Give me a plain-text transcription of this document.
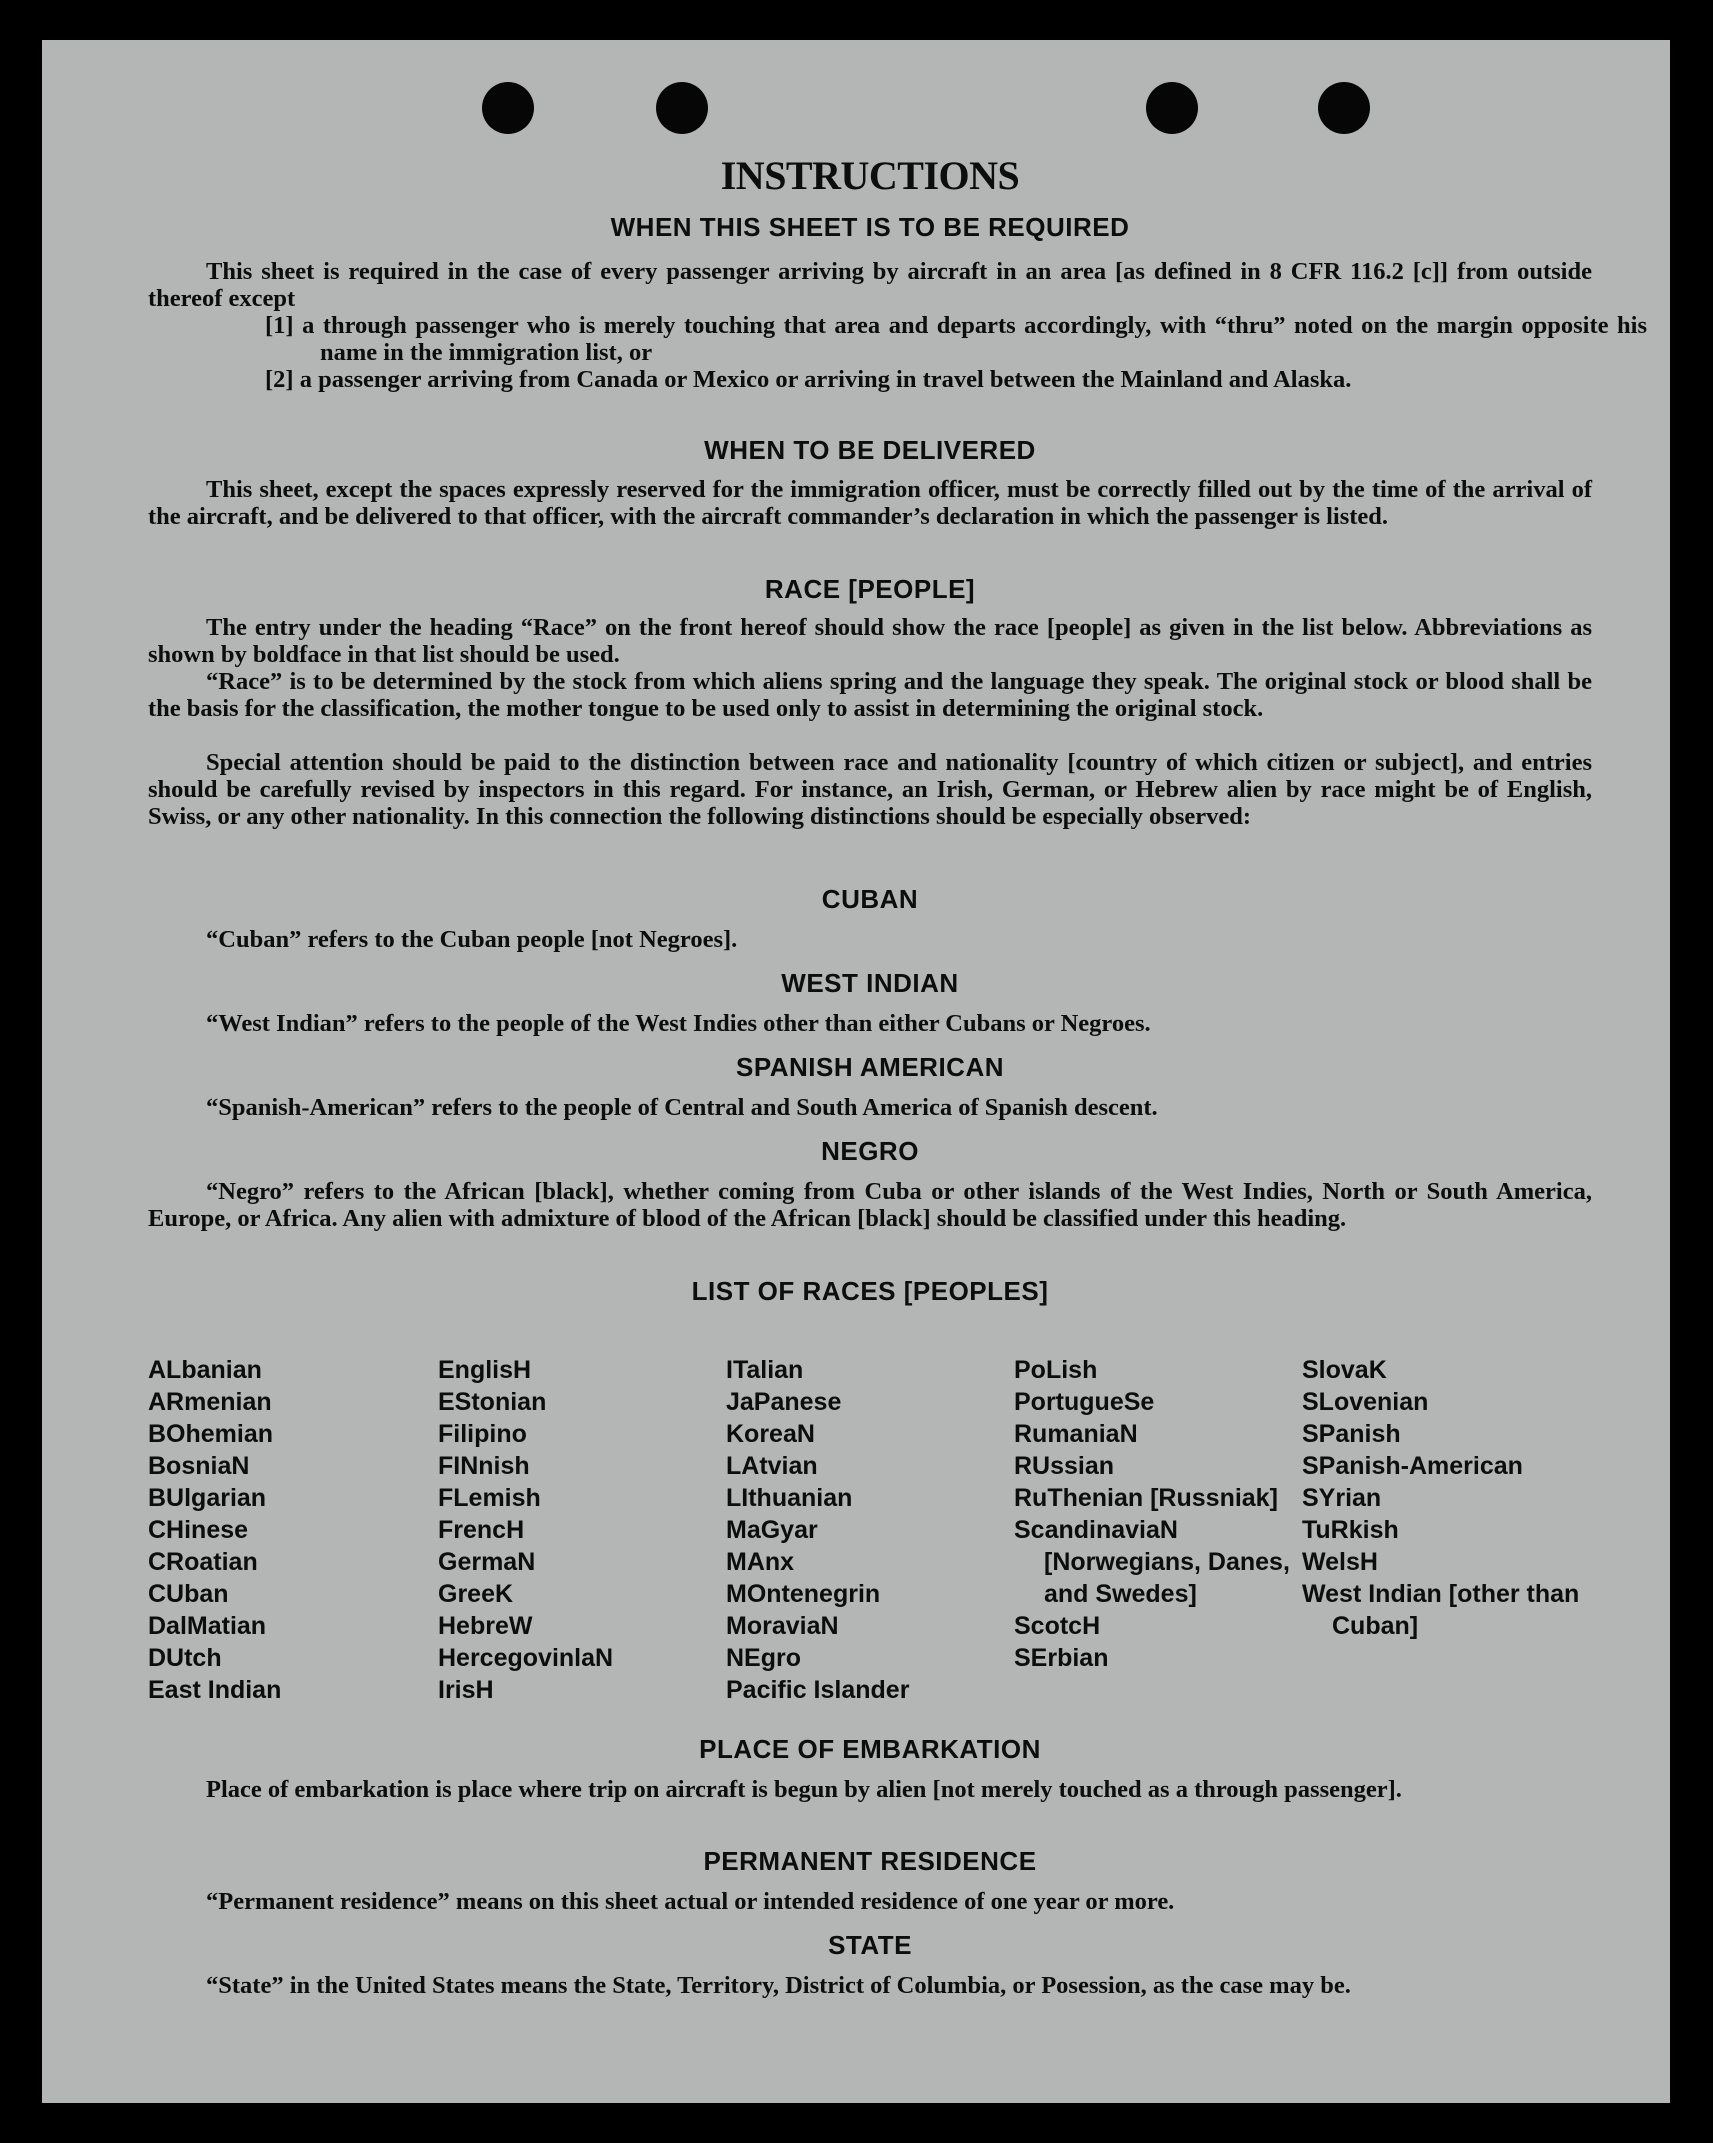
INSTRUCTIONS
WHEN THIS SHEET IS TO BE REQUIRED

This sheet is required in the case of every passenger arriving by aircraft in an area [as defined in 8 CFR 116.2 [c]] from outside thereof except

[1] a through passenger who is merely touching that area and departs accordingly, with “thru” noted on the margin opposite his name in the immigration list, or

[2] a passenger arriving from Canada or Mexico or arriving in travel between the Mainland and Alaska.

WHEN TO BE DELIVERED

This sheet, except the spaces expressly reserved for the immigration officer, must be correctly filled out by the time of the arrival of the aircraft, and be delivered to that officer, with the aircraft commander’s declaration in which the passenger is listed.

RACE [PEOPLE]

The entry under the heading “Race” on the front hereof should show the race [people] as given in the list below. Abbreviations as shown by boldface in that list should be used.

“Race” is to be determined by the stock from which aliens spring and the language they speak. The original stock or blood shall be the basis for the classification, the mother tongue to be used only to assist in determining the original stock.

Special attention should be paid to the distinction between race and nationality [country of which citizen or subject], and entries should be carefully revised by inspectors in this regard. For instance, an Irish, German, or Hebrew alien by race might be of English, Swiss, or any other nationality. In this connection the following distinctions should be especially observed:

CUBAN

“Cuban” refers to the Cuban people [not Negroes].

WEST INDIAN

“West Indian” refers to the people of the West Indies other than either Cubans or Negroes.

SPANISH AMERICAN

“Spanish-American” refers to the people of Central and South America of Spanish descent.

NEGRO

“Negro” refers to the African [black], whether coming from Cuba or other islands of the West Indies, North or South America, Europe, or Africa. Any alien with admixture of blood of the African [black] should be classified under this heading.

LIST OF RACES [PEOPLES]
ALbanian
ARmenian
BOhemian
BosniaN
BUlgarian
CHinese
CRoatian
CUban
DalMatian
DUtch
East Indian
EnglisH
EStonian
Filipino
FINnish
FLemish
FrencH
GermaN
GreeK
HebreW
HercegovinlaN
IrisH
ITalian
JaPanese
KoreaN
LAtvian
LIthuanian
MaGyar
MAnx
MOntenegrin
MoraviaN
NEgro
Pacific Islander
PoLish
PortugueSe
RumaniaN
RUssian
RuThenian [Russniak]
ScandinaviaN [Norwegians, Danes, and Swedes]
ScotcH
SErbian
SlovaK
SLovenian
SPanish
SPanish-American
SYrian
TuRkish
WelsH
West Indian [other than Cuban]
PLACE OF EMBARKATION

Place of embarkation is place where trip on aircraft is begun by alien [not merely touched as a through passenger].

PERMANENT RESIDENCE

“Permanent residence” means on this sheet actual or intended residence of one year or more.

STATE

“State” in the United States means the State, Territory, District of Columbia, or Posession, as the case may be.
